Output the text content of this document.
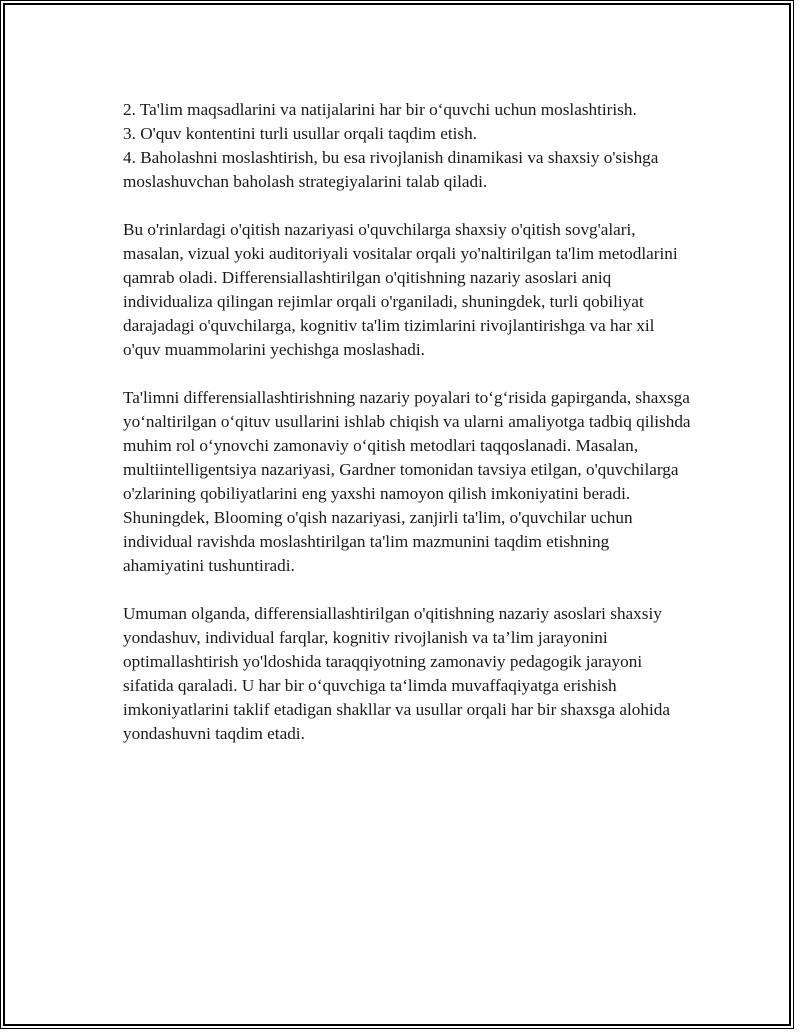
2. Ta'lim maqsadlarini va natijalarini har bir o‘quvchi uchun moslashtirish.

3. O'quv kontentini turli usullar orqali taqdim etish.

4. Baholashni moslashtirish, bu esa rivojlanish dinamikasi va shaxsiy o'sishga moslashuvchan baholash strategiyalarini talab qiladi.

Bu o'rinlardagi o'qitish nazariyasi o'quvchilarga shaxsiy o'qitish sovg'alari, masalan, vizual yoki auditoriyali vositalar orqali yo'naltirilgan ta'lim metodlarini qamrab oladi. Differensiallashtirilgan o'qitishning nazariy asoslari aniq individualiza qilingan rejimlar orqali o'rganiladi, shuningdek, turli qobiliyat darajadagi o'quvchilarga, kognitiv ta'lim tizimlarini rivojlantirishga va har xil o'quv muammolarini yechishga moslashadi.

Ta'limni differensiallashtirishning nazariy poyalari to‘g‘risida gapirganda, shaxsga yo‘naltirilgan o‘qituv usullarini ishlab chiqish va ularni amaliyotga tadbiq qilishda muhim rol o‘ynovchi zamonaviy o‘qitish metodlari taqqoslanadi. Masalan, multiintelligentsiya nazariyasi, Gardner tomonidan tavsiya etilgan, o'quvchilarga o'zlarining qobiliyatlarini eng yaxshi namoyon qilish imkoniyatini beradi. Shuningdek, Blooming o'qish nazariyasi, zanjirli ta'lim, o'quvchilar uchun individual ravishda moslashtirilgan ta'lim mazmunini taqdim etishning ahamiyatini tushuntiradi.

Umuman olganda, differensiallashtirilgan o'qitishning nazariy asoslari shaxsiy yondashuv, individual farqlar, kognitiv rivojlanish va ta’lim jarayonini optimallashtirish yo'ldoshida taraqqiyotning zamonaviy pedagogik jarayoni sifatida qaraladi. U har bir o‘quvchiga ta‘limda muvaffaqiyatga erishish imkoniyatlarini taklif etadigan shakllar va usullar orqali har bir shaxsga alohida yondashuvni taqdim etadi.
